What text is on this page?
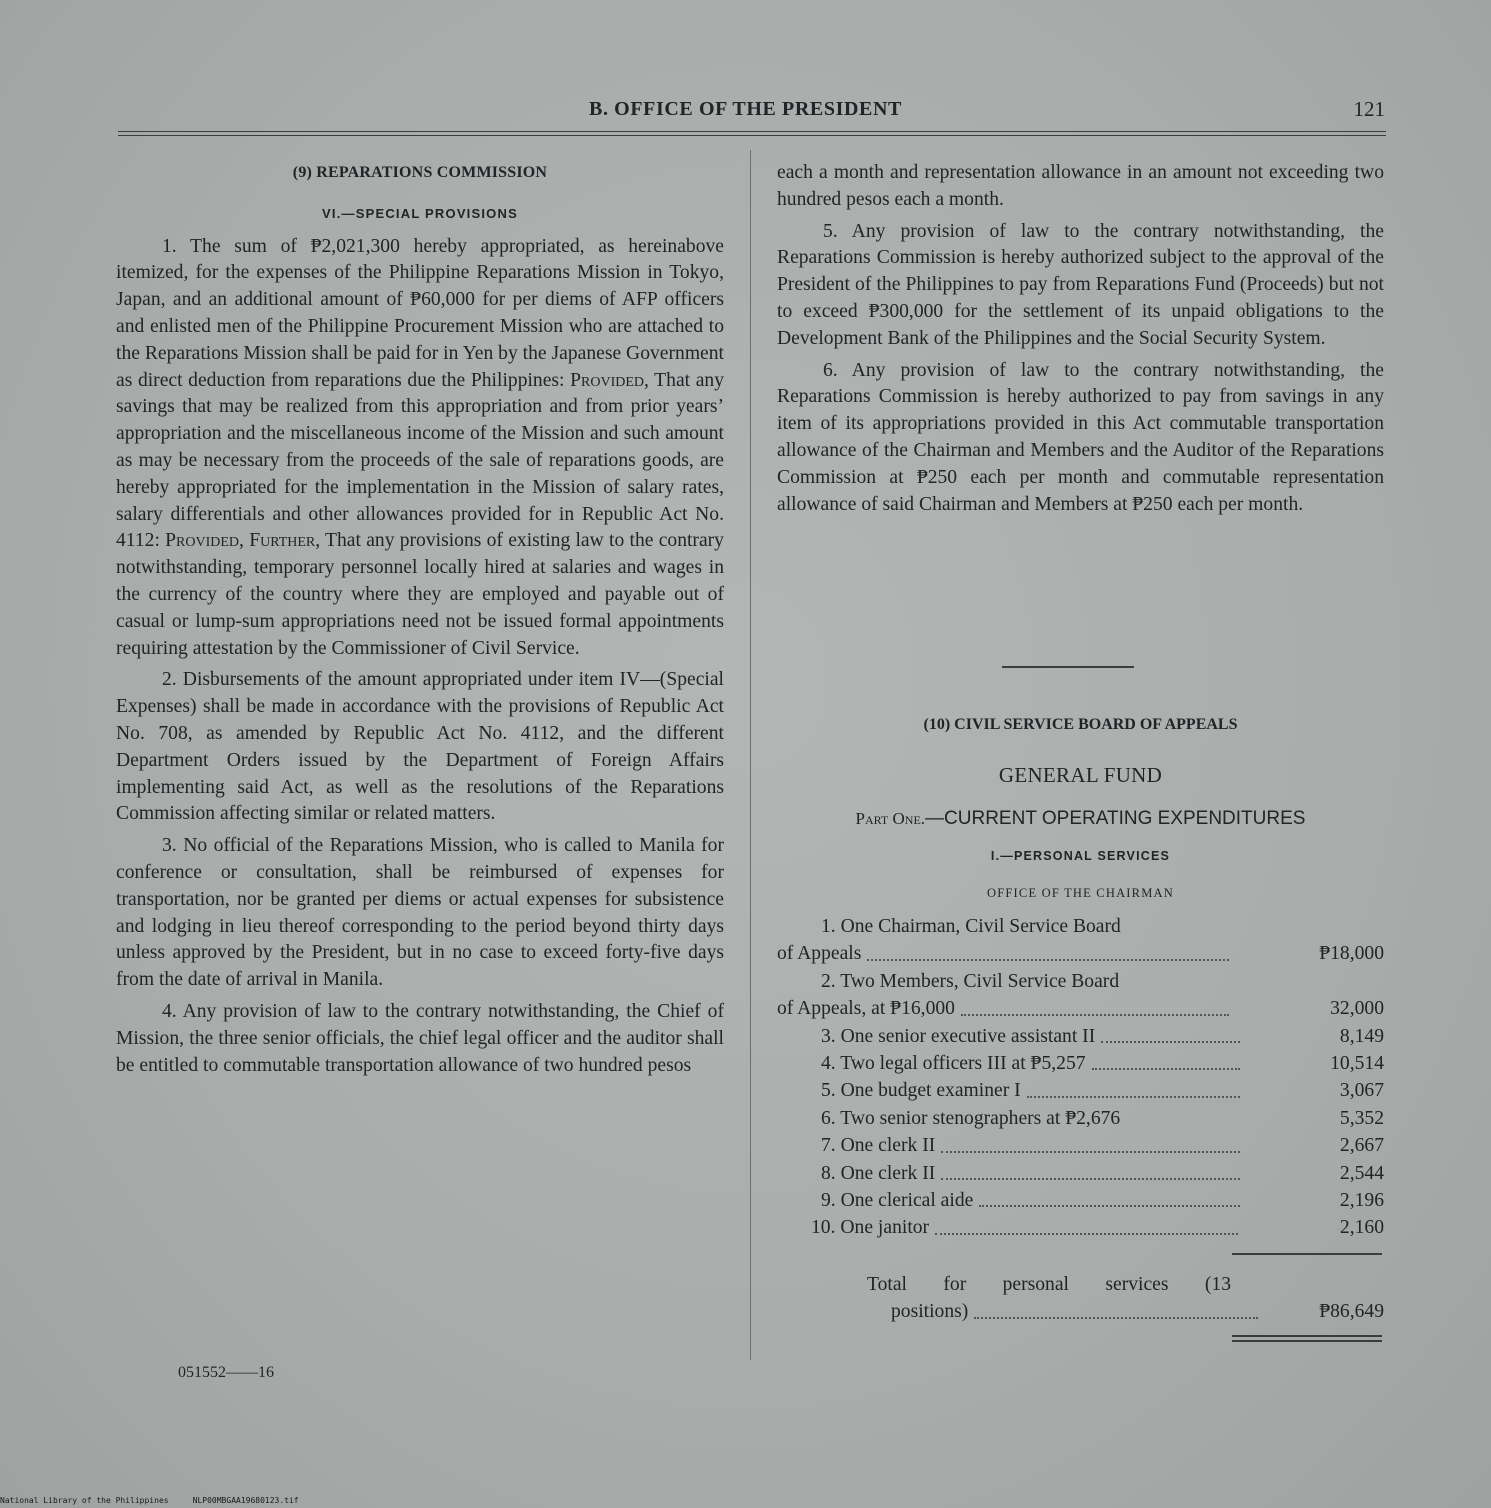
B. OFFICE OF THE PRESIDENT	121
(9) REPARATIONS COMMISSION
VI.—SPECIAL PROVISIONS

1. The sum of ₱2,021,300 hereby appropriated, as hereinabove itemized, for the expenses of the Philippine Reparations Mission in Tokyo, Japan, and an additional amount of ₱60,000 for per diems of AFP officers and enlisted men of the Philippine Procurement Mission who are attached to the Reparations Mission shall be paid for in Yen by the Japanese Government as direct deduction from reparations due the Philippines: Provided, That any savings that may be realized from this appropriation and from prior years’ appropriation and the miscellaneous income of the Mission and such amount as may be necessary from the proceeds of the sale of reparations goods, are hereby appropriated for the implementation in the Mission of salary rates, salary differentials and other allowances provided for in Republic Act No. 4112: Provided, Further, That any provisions of existing law to the contrary notwithstanding, temporary personnel locally hired at salaries and wages in the currency of the country where they are employed and payable out of casual or lump-sum appropriations need not be issued formal appointments requiring attestation by the Commissioner of Civil Service.

2. Disbursements of the amount appropriated under item IV—(Special Expenses) shall be made in accordance with the provisions of Republic Act No. 708, as amended by Republic Act No. 4112, and the different Department Orders issued by the Department of Foreign Affairs implementing said Act, as well as the resolutions of the Reparations Commission affecting similar or related matters.

3. No official of the Reparations Mission, who is called to Manila for conference or consultation, shall be reimbursed of expenses for transportation, nor be granted per diems or actual expenses for subsistence and lodging in lieu thereof corresponding to the period beyond thirty days unless approved by the President, but in no case to exceed forty-five days from the date of arrival in Manila.

4. Any provision of law to the contrary notwithstanding, the Chief of Mission, the three senior officials, the chief legal officer and the auditor shall be entitled to commutable transportation allowance of two hundred pesos

051552——16

each a month and representation allowance in an amount not exceeding two hundred pesos each a month.

5. Any provision of law to the contrary notwithstanding, the Reparations Commission is hereby authorized subject to the approval of the President of the Philippines to pay from Reparations Fund (Proceeds) but not to exceed ₱300,000 for the settlement of its unpaid obligations to the Development Bank of the Philippines and the Social Security System.

6. Any provision of law to the contrary notwithstanding, the Reparations Commission is hereby authorized to pay from savings in any item of its appropriations provided in this Act commutable transportation allowance of the Chairman and Members and the Auditor of the Reparations Commission at ₱250 each per month and commutable representation allowance of said Chairman and Members at ₱250 each per month.

(10) CIVIL SERVICE BOARD OF APPEALS
GENERAL FUND
Part One.—CURRENT OPERATING EXPENDITURES
I.—PERSONAL SERVICES
OFFICE OF THE CHAIRMAN
1. One Chairman, Civil Service Board
of Appeals	₱18,000
2. Two Members, Civil Service Board
of Appeals, at ₱16,000	32,000
3. One senior executive assistant II	8,149
4. Two legal officers III at ₱5,257	10,514
5. One budget examiner I	3,067
6. Two senior stenographers at ₱2,676	5,352
7. One clerk II	2,667
8. One clerk II	2,544
9. One clerical aide	2,196
10. One janitor	2,160
Total for personal services (13
positions)	₱86,649
National Library of the Philippines     NLP00MBGAA19680123.tif
